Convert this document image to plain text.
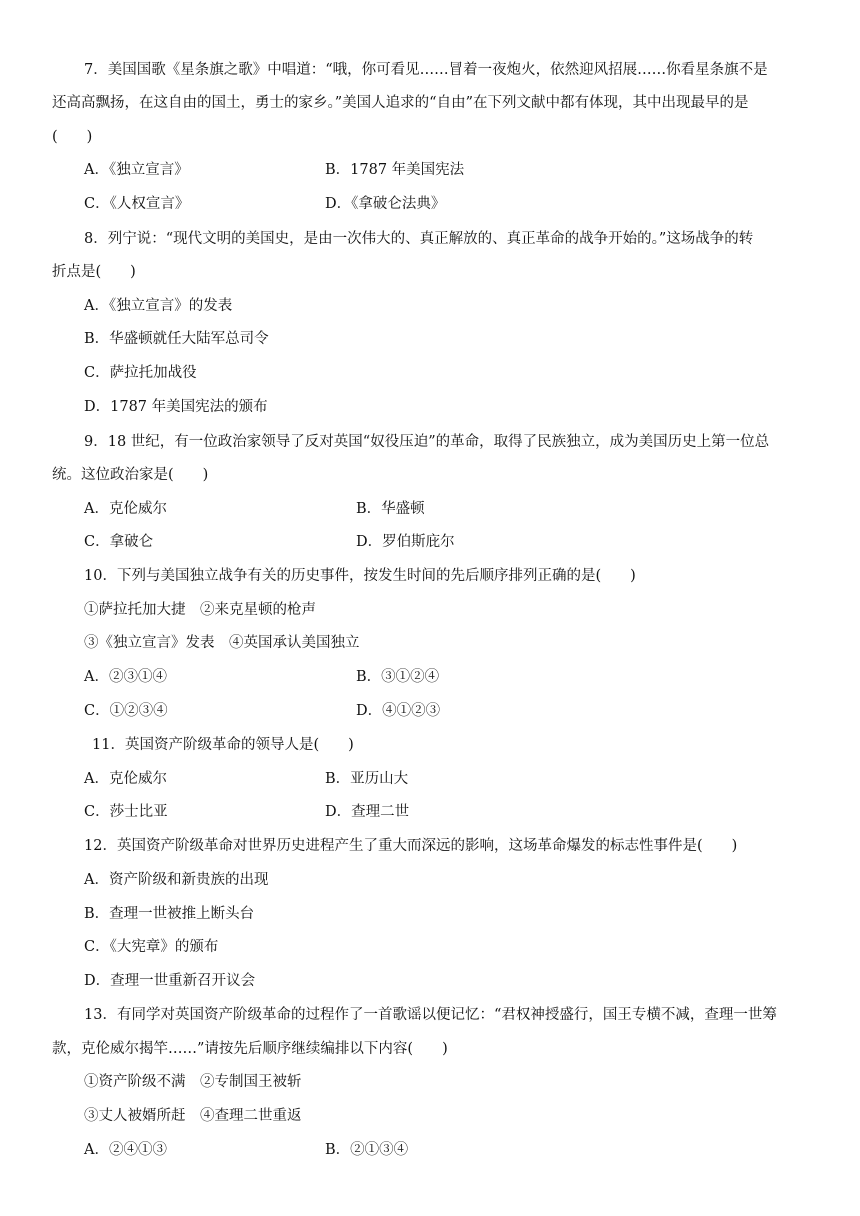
7．美国国歌《星条旗之歌》中唱道：“哦，你可看见……冒着一夜炮火，依然迎风招展……你看星条旗不是
还高高飘扬，在这自由的国土，勇士的家乡。”美国人追求的“自由”在下列文献中都有体现，其中出现最早的是
(　　)
A．《独立宣言》	B．1787 年美国宪法
C．《人权宣言》	D．《拿破仑法典》
8．列宁说：“现代文明的美国史，是由一次伟大的、真正解放的、真正革命的战争开始的。”这场战争的转
折点是(　　)
A．《独立宣言》的发表
B．华盛顿就任大陆军总司令
C．萨拉托加战役
D．1787 年美国宪法的颁布
9．18 世纪，有一位政治家领导了反对英国“奴役压迫”的革命，取得了民族独立，成为美国历史上第一位总
统。这位政治家是(　　)
A．克伦威尔	B．华盛顿
C．拿破仑	D．罗伯斯庇尔
10．下列与美国独立战争有关的历史事件，按发生时间的先后顺序排列正确的是(　　)
①萨拉托加大捷　②来克星顿的枪声
③《独立宣言》发表　④英国承认美国独立
A．②③①④	B．③①②④
C．①②③④	D．④①②③
11．英国资产阶级革命的领导人是(　　)
A．克伦威尔	B．亚历山大
C．莎士比亚	D．查理二世
12．英国资产阶级革命对世界历史进程产生了重大而深远的影响，这场革命爆发的标志性事件是(　　)
A．资产阶级和新贵族的出现
B．查理一世被推上断头台
C．《大宪章》的颁布
D．查理一世重新召开议会
13．有同学对英国资产阶级革命的过程作了一首歌谣以便记忆：“君权神授盛行，国王专横不减，查理一世筹
款，克伦威尔揭竿……”请按先后顺序继续编排以下内容(　　)
①资产阶级不满　②专制国王被斩
③丈人被婿所赶　④查理二世重返
A．②④①③	B．②①③④
